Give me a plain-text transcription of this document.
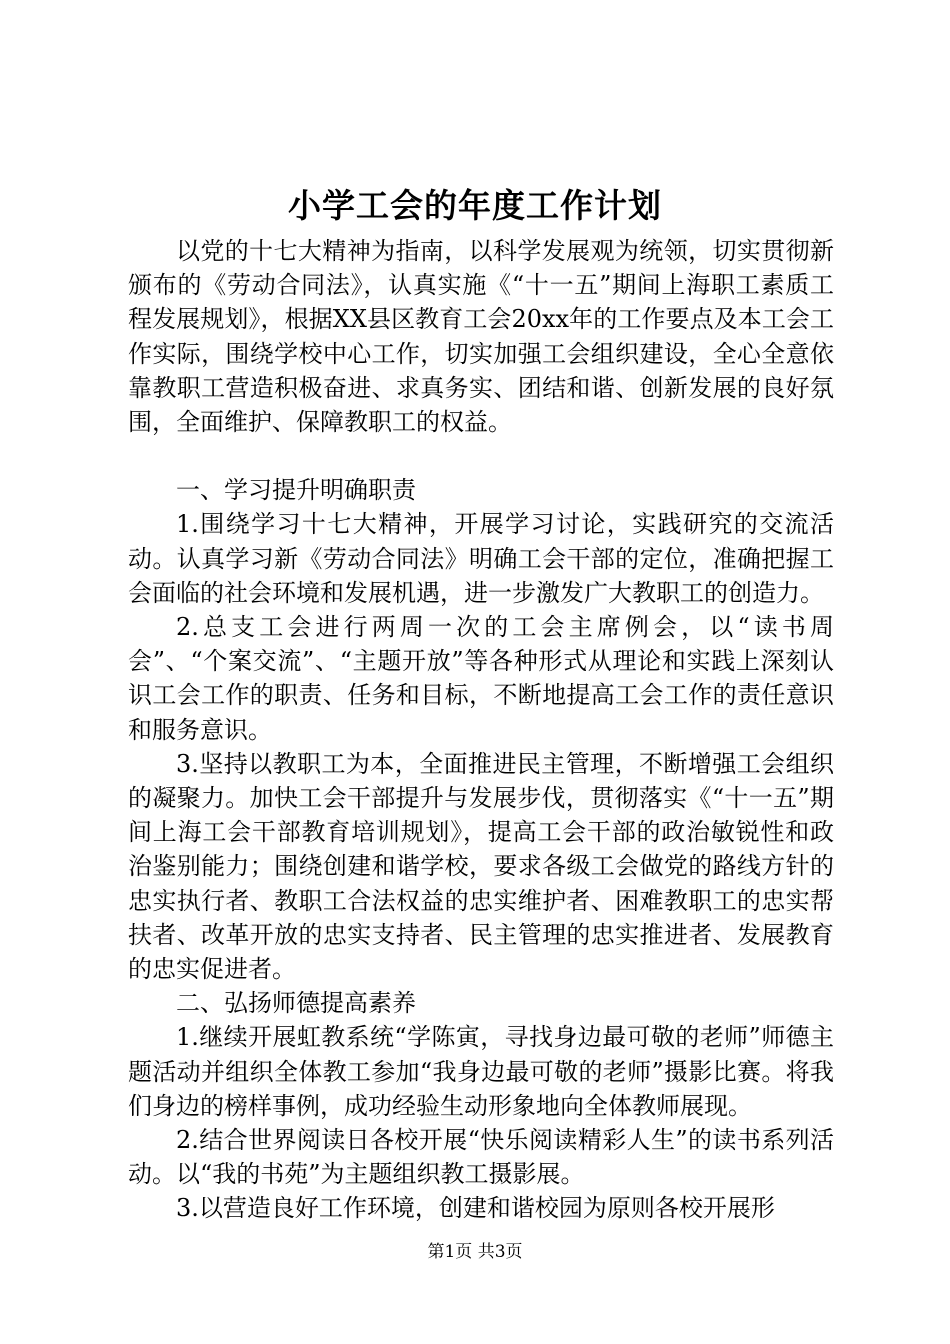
小学工会的年度工作计划

以党的十七大精神为指南，以科学发展观为统领，切实贯彻新颁布的《劳动合同法》，认真实施《“十一五”期间上海职工素质工程发展规划》，根据XX县区教育工会20xx年的工作要点及本工会工作实际，围绕学校中心工作，切实加强工会组织建设，全心全意依靠教职工营造积极奋进、求真务实、团结和谐、创新发展的良好氛围，全面维护、保障教职工的权益。

一、学习提升明确职责

1.围绕学习十七大精神，开展学习讨论，实践研究的交流活动。认真学习新《劳动合同法》明确工会干部的定位，准确把握工会面临的社会环境和发展机遇，进一步激发广大教职工的创造力。

2.总支工会进行两周一次的工会主席例会，以“读书周会”、“个案交流”、“主题开放”等各种形式从理论和实践上深刻认识工会工作的职责、任务和目标，不断地提高工会工作的责任意识和服务意识。

3.坚持以教职工为本，全面推进民主管理，不断增强工会组织的凝聚力。加快工会干部提升与发展步伐，贯彻落实《“十一五”期间上海工会干部教育培训规划》，提高工会干部的政治敏锐性和政治鉴别能力；围绕创建和谐学校，要求各级工会做党的路线方针的忠实执行者、教职工合法权益的忠实维护者、困难教职工的忠实帮扶者、改革开放的忠实支持者、民主管理的忠实推进者、发展教育的忠实促进者。

二、弘扬师德提高素养

1.继续开展虹教系统“学陈寅，寻找身边最可敬的老师”师德主题活动并组织全体教工参加“我身边最可敬的老师”摄影比赛。将我们身边的榜样事例，成功经验生动形象地向全体教师展现。

2.结合世界阅读日各校开展“快乐阅读精彩人生”的读书系列活动。以“我的书苑”为主题组织教工摄影展。

3.以营造良好工作环境，创建和谐校园为原则各校开展形

第1页 共3页
